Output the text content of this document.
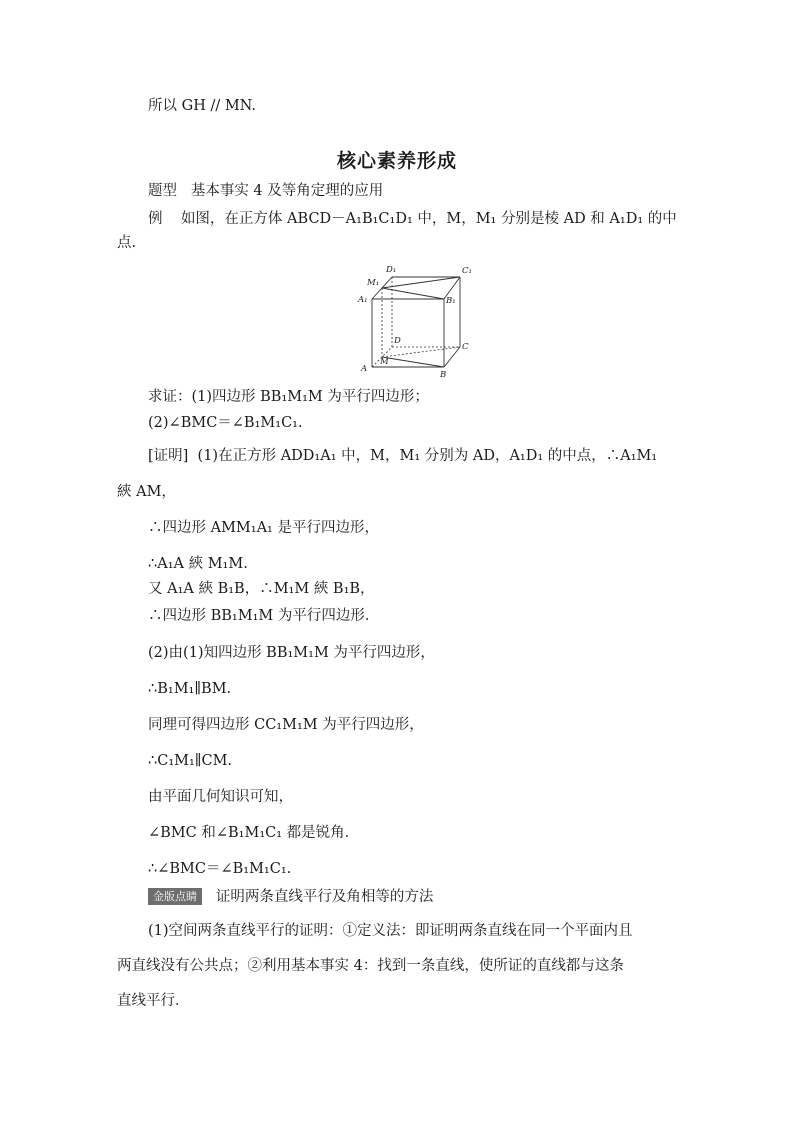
所以 GH // MN.
核心素养形成
题型 基本事实 4 及等角定理的应用
例 如图，在正方体 ABCD－A₁B₁C₁D₁ 中，M，M₁ 分别是棱 AD 和 A₁D₁ 的中
点.
D₁	C₁
M₁
A₁	B₁
D
C
A
M
B
求证：(1)四边形 BB₁M₁M 为平行四边形；
(2)∠BMC＝∠B₁M₁C₁.
[证明] (1)在正方形 ADD₁A₁ 中，M，M₁ 分别为 AD，A₁D₁ 的中点，∴A₁M₁
綊 AM，
∴四边形 AMM₁A₁ 是平行四边形，
∴A₁A 綊 M₁M.
又 A₁A 綊 B₁B，∴M₁M 綊 B₁B，
∴四边形 BB₁M₁M 为平行四边形．
(2)由(1)知四边形 BB₁M₁M 为平行四边形，
∴B₁M₁∥BM.
同理可得四边形 CC₁M₁M 为平行四边形，
∴C₁M₁∥CM.
由平面几何知识可知，
∠BMC 和∠B₁M₁C₁ 都是锐角．
∴∠BMC＝∠B₁M₁C₁.
金版点睛 证明两条直线平行及角相等的方法
(1)空间两条直线平行的证明：①定义法：即证明两条直线在同一个平面内且
两直线没有公共点；②利用基本事实 4：找到一条直线，使所证的直线都与这条
直线平行．
